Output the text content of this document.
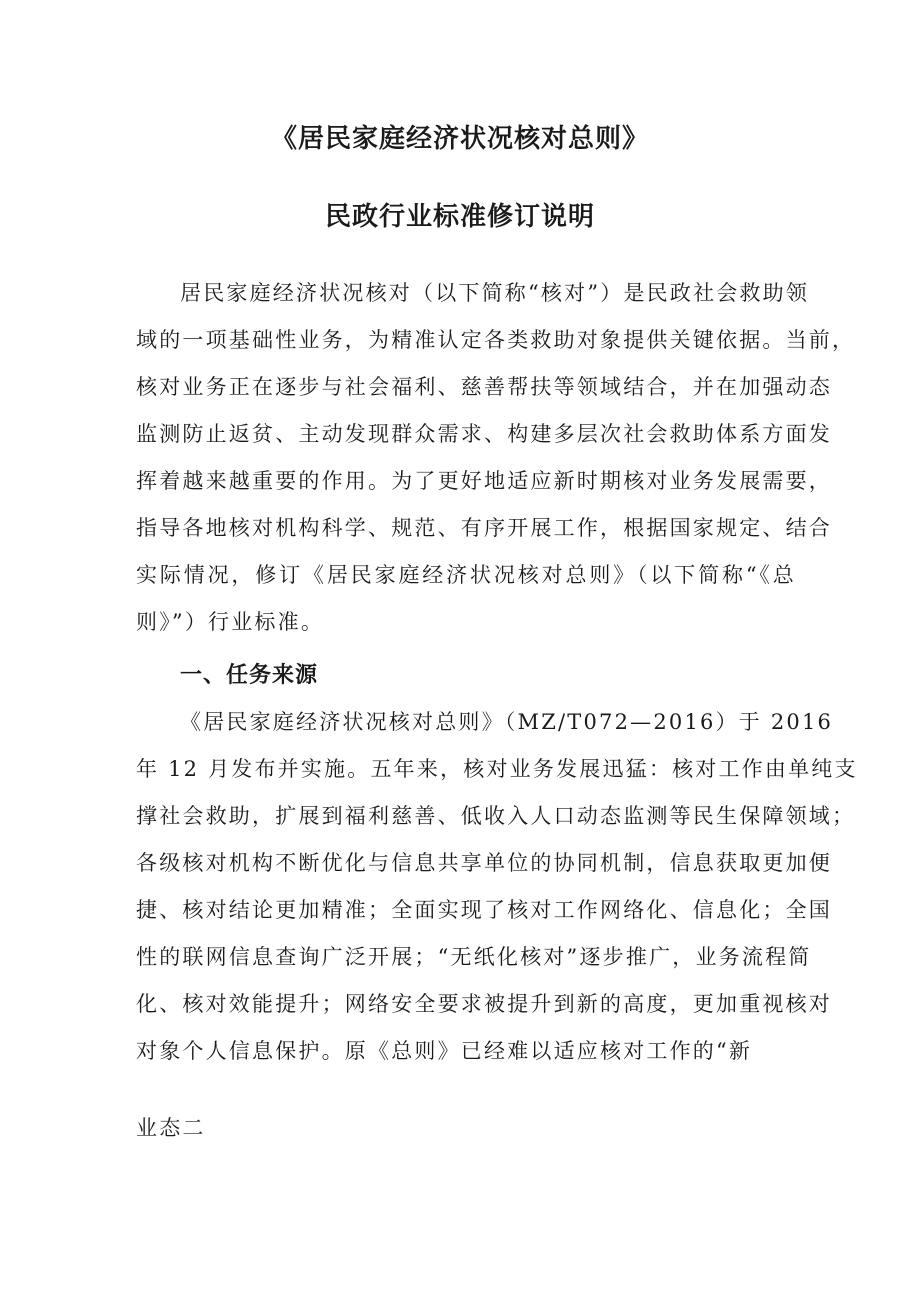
《居民家庭经济状况核对总则》
民政行业标准修订说明
居民家庭经济状况核对（以下简称“核对”）是民政社会救助领
域的一项基础性业务，为精准认定各类救助对象提供关键依据。当前，
核对业务正在逐步与社会福利、慈善帮扶等领域结合，并在加强动态
监测防止返贫、主动发现群众需求、构建多层次社会救助体系方面发
挥着越来越重要的作用。为了更好地适应新时期核对业务发展需要，
指导各地核对机构科学、规范、有序开展工作，根据国家规定、结合
实际情况，修订《居民家庭经济状况核对总则》（以下简称“《总
则》”）行业标准。
一、任务来源
《居民家庭经济状况核对总则》（MZ/T072—2016）于 2016
年 12 月发布并实施。五年来，核对业务发展迅猛：核对工作由单纯支
撑社会救助，扩展到福利慈善、低收入人口动态监测等民生保障领域；
各级核对机构不断优化与信息共享单位的协同机制，信息获取更加便
捷、核对结论更加精准；全面实现了核对工作网络化、信息化；全国
性的联网信息查询广泛开展；“无纸化核对”逐步推广，业务流程简
化、核对效能提升；网络安全要求被提升到新的高度，更加重视核对
对象个人信息保护。原《总则》已经难以适应核对工作的“新
业态二
